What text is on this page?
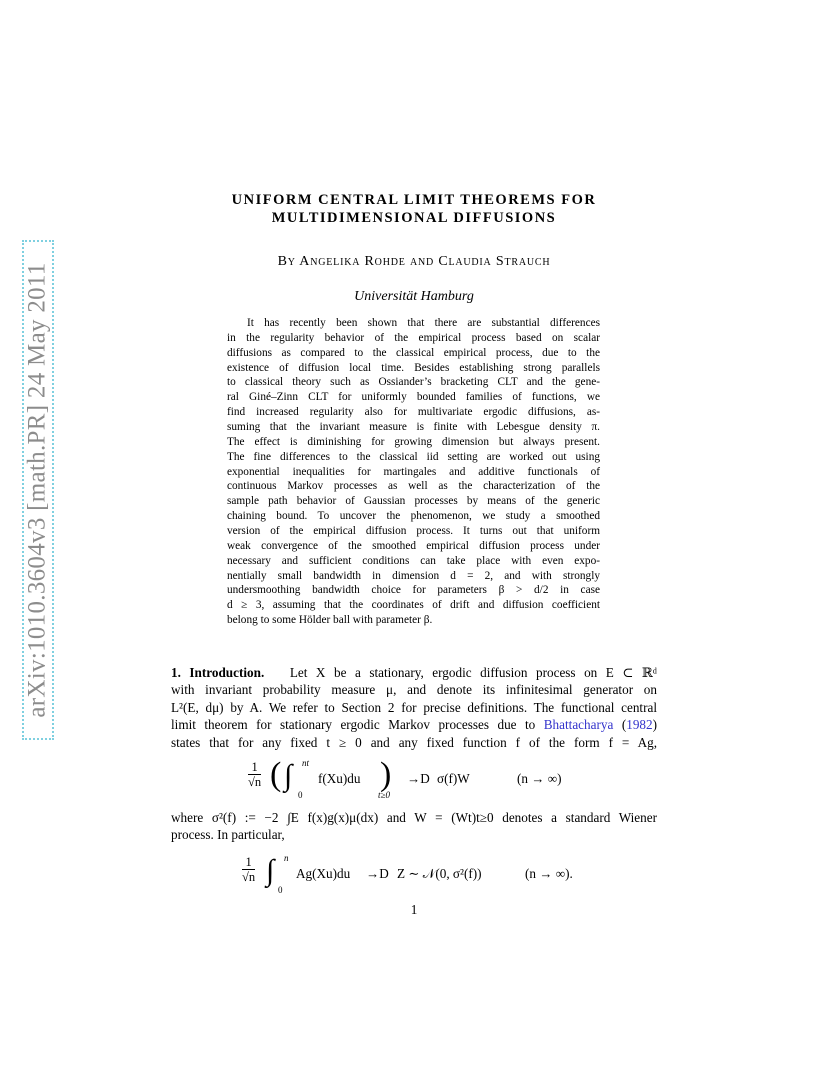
arXiv:1010.3604v3 [math.PR] 24 May 2011
UNIFORM CENTRAL LIMIT THEOREMS FOR
MULTIDIMENSIONAL DIFFUSIONS
By Angelika Rohde and Claudia Strauch
Universität Hamburg
It has recently been shown that there are substantial differences
in the regularity behavior of the empirical process based on scalar
diffusions as compared to the classical empirical process, due to the
existence of diffusion local time. Besides establishing strong parallels
to classical theory such as Ossiander’s bracketing CLT and the gene-
ral Giné–Zinn CLT for uniformly bounded families of functions, we
find increased regularity also for multivariate ergodic diffusions, as-
suming that the invariant measure is finite with Lebesgue density π.
The effect is diminishing for growing dimension but always present.
The fine differences to the classical iid setting are worked out using
exponential inequalities for martingales and additive functionals of
continuous Markov processes as well as the characterization of the
sample path behavior of Gaussian processes by means of the generic
chaining bound. To uncover the phenomenon, we study a smoothed
version of the empirical diffusion process. It turns out that uniform
weak convergence of the smoothed empirical diffusion process under
necessary and sufficient conditions can take place with even expo-
nentially small bandwidth in dimension d = 2, and with strongly
undersmoothing bandwidth choice for parameters β > d/2 in case
d ≥ 3, assuming that the coordinates of drift and diffusion coefficient
belong to some Hölder ball with parameter β.
1. Introduction. Let X be a stationary, ergodic diffusion process on E ⊂ ℝᵈ
with invariant probability measure μ, and denote its infinitesimal generator on
L²(E, dμ) by A. We refer to Section 2 for precise definitions. The functional central
limit theorem for stationary ergodic Markov processes due to Bhattacharya (1982)
states that for any fixed t ≥ 0 and any fixed function f of the form f = Ag,
$\frac{1}{√n}$ ( ∫ nt
0
f(Xu)du )
t≥0
→D σ(f)W	(n → ∞)
where σ²(f) := −2 ∫E f(x)g(x)μ(dx) and W = (Wt)t≥0 denotes a standard Wiener
process. In particular,
$\frac{1}{√n}$ ∫ n
0
Ag(Xu)du →D Z ∼ 𝒩(0, σ²(f))	(n → ∞).
1
